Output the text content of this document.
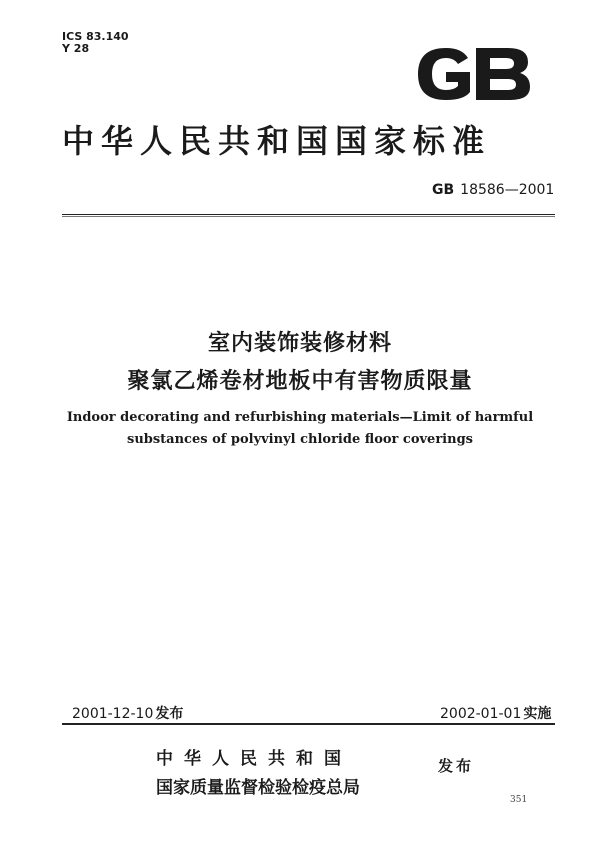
ICS 83.140
Y 28
中华人民共和国国家标准
GB 18586—2001
室内装饰装修材料
聚氯乙烯卷材地板中有害物质限量
Indoor decorating and refurbishing materials—Limit of harmful
substances of polyvinyl chloride floor coverings
2001-12-10 发布	2002-01-01 实施
中华人民共和国
国家质量监督检验检疫总局
发布
351
